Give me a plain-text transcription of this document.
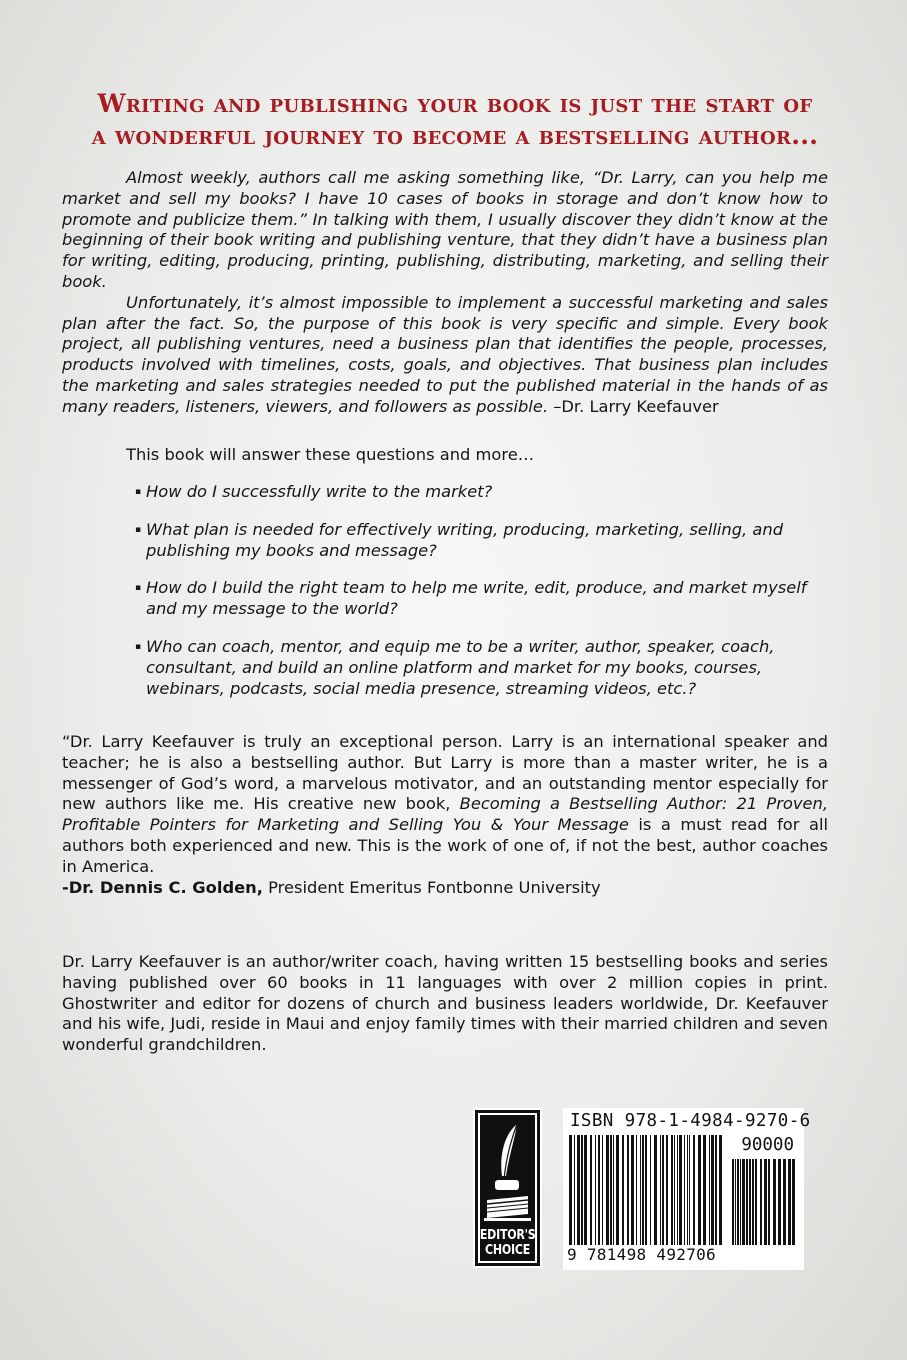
Writing and publishing your book is just the start of
a wonderful journey to become a bestselling author...

Almost weekly, authors call me asking something like, “Dr. Larry, can you help me market and sell my books? I have 10 cases of books in storage and don’t know how to promote and publicize them.” In talking with them, I usually discover they didn’t know at the beginning of their book writing and publishing venture, that they didn’t have a business plan for writing, editing, producing, printing, publishing, distributing, marketing, and selling their book.

Unfortunately, it’s almost impossible to implement a successful marketing and sales plan after the fact. So, the purpose of this book is very specific and simple. Every book project, all publishing ventures, need a business plan that identifies the people, processes, products involved with timelines, costs, goals, and objectives. That business plan includes the marketing and sales strategies needed to put the published material in the hands of as many readers, listeners, viewers, and followers as possible. –Dr. Larry Keefauver

This book will answer these questions and more…
▪ How do I successfully write to the market?
▪ What plan is needed for effectively writing, producing, marketing, selling, and publishing my books and message?
▪ How do I build the right team to help me write, edit, produce, and market myself and my message to the world?
▪ Who can coach, mentor, and equip me to be a writer, author, speaker, coach, consultant, and build an online platform and market for my books, courses, webinars, podcasts, social media presence, streaming videos, etc.?

“Dr. Larry Keefauver is truly an exceptional person. Larry is an international speaker and teacher; he is also a bestselling author. But Larry is more than a master writer, he is a messenger of God’s word, a marvelous motivator, and an outstanding mentor especially for new authors like me. His creative new book, Becoming a Bestselling Author: 21 Proven, Profitable Pointers for Marketing and Selling You & Your Message is a must read for all authors both experienced and new. This is the work of one of, if not the best, author coaches in America.

-Dr. Dennis C. Golden, President Emeritus Fontbonne University

Dr. Larry Keefauver is an author/writer coach, having written 15 bestselling books and series having published over 60 books in 11 languages with over 2 million copies in print. Ghostwriter and editor for dozens of church and business leaders worldwide, Dr. Keefauver and his wife, Judi, reside in Maui and enjoy family times with their married children and seven wonderful grandchildren.

EDITOR'S
CHOICE
ISBN 978-1-4984-9270-6
90000
9 781498 492706
